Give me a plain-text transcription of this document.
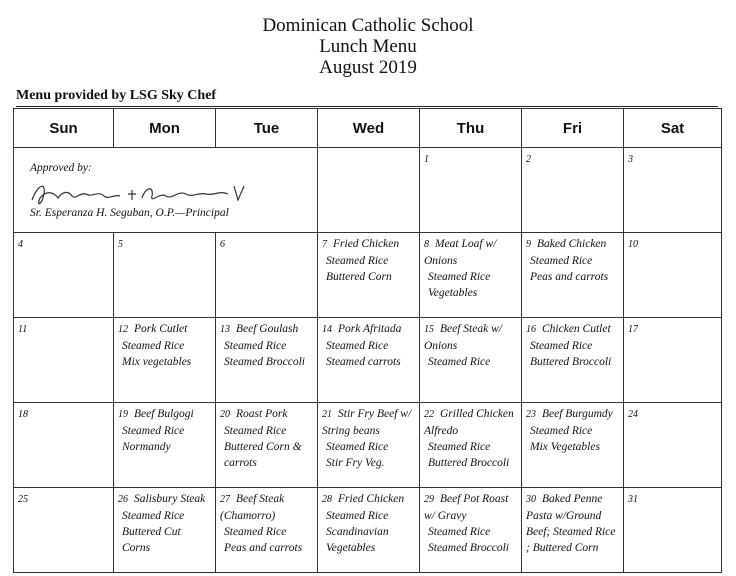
Dominican Catholic School
Lunch Menu
August 2019
Menu provided by LSG Sky Chef
Sun	Mon	Tue	Wed	Thu	Fri	Sat

Approved by:
Sr. Esperanza H. Seguban, O.P.—Principal				1	2	3
4	5	6	7 Fried Chicken
Steamed Rice
Buttered Corn	8 Meat Loaf w/ Onions
Steamed Rice
Vegetables	9 Baked Chicken
Steamed Rice
Peas and carrots	10
11	12 Pork Cutlet
Steamed Rice
Mix vegetables	13 Beef Goulash
Steamed Rice
Steamed Broccoli	14 Pork Afritada
Steamed Rice
Steamed carrots	15 Beef Steak w/ Onions
Steamed Rice	16 Chicken Cutlet
Steamed Rice
Buttered Broccoli	17
18	19 Beef Bulgogi
Steamed Rice
Normandy	20 Roast Pork
Steamed Rice
Buttered Corn & carrots	21 Stir Fry Beef w/ String beans
Steamed Rice
Stir Fry Veg.	22 Grilled Chicken Alfredo
Steamed Rice
Buttered Broccoli	23 Beef Burgumdy
Steamed Rice
Mix Vegetables	24
25	26 Salisbury Steak
Steamed Rice
Buttered Cut Corns	27 Beef Steak (Chamorro)
Steamed Rice
Peas and carrots	28 Fried Chicken
Steamed Rice
Scandinavian Vegetables	29 Beef Pot Roast w/ Gravy
Steamed Rice
Steamed Broccoli	30 Baked Penne Pasta w/Ground Beef; Steamed Rice ; Buttered Corn	31
